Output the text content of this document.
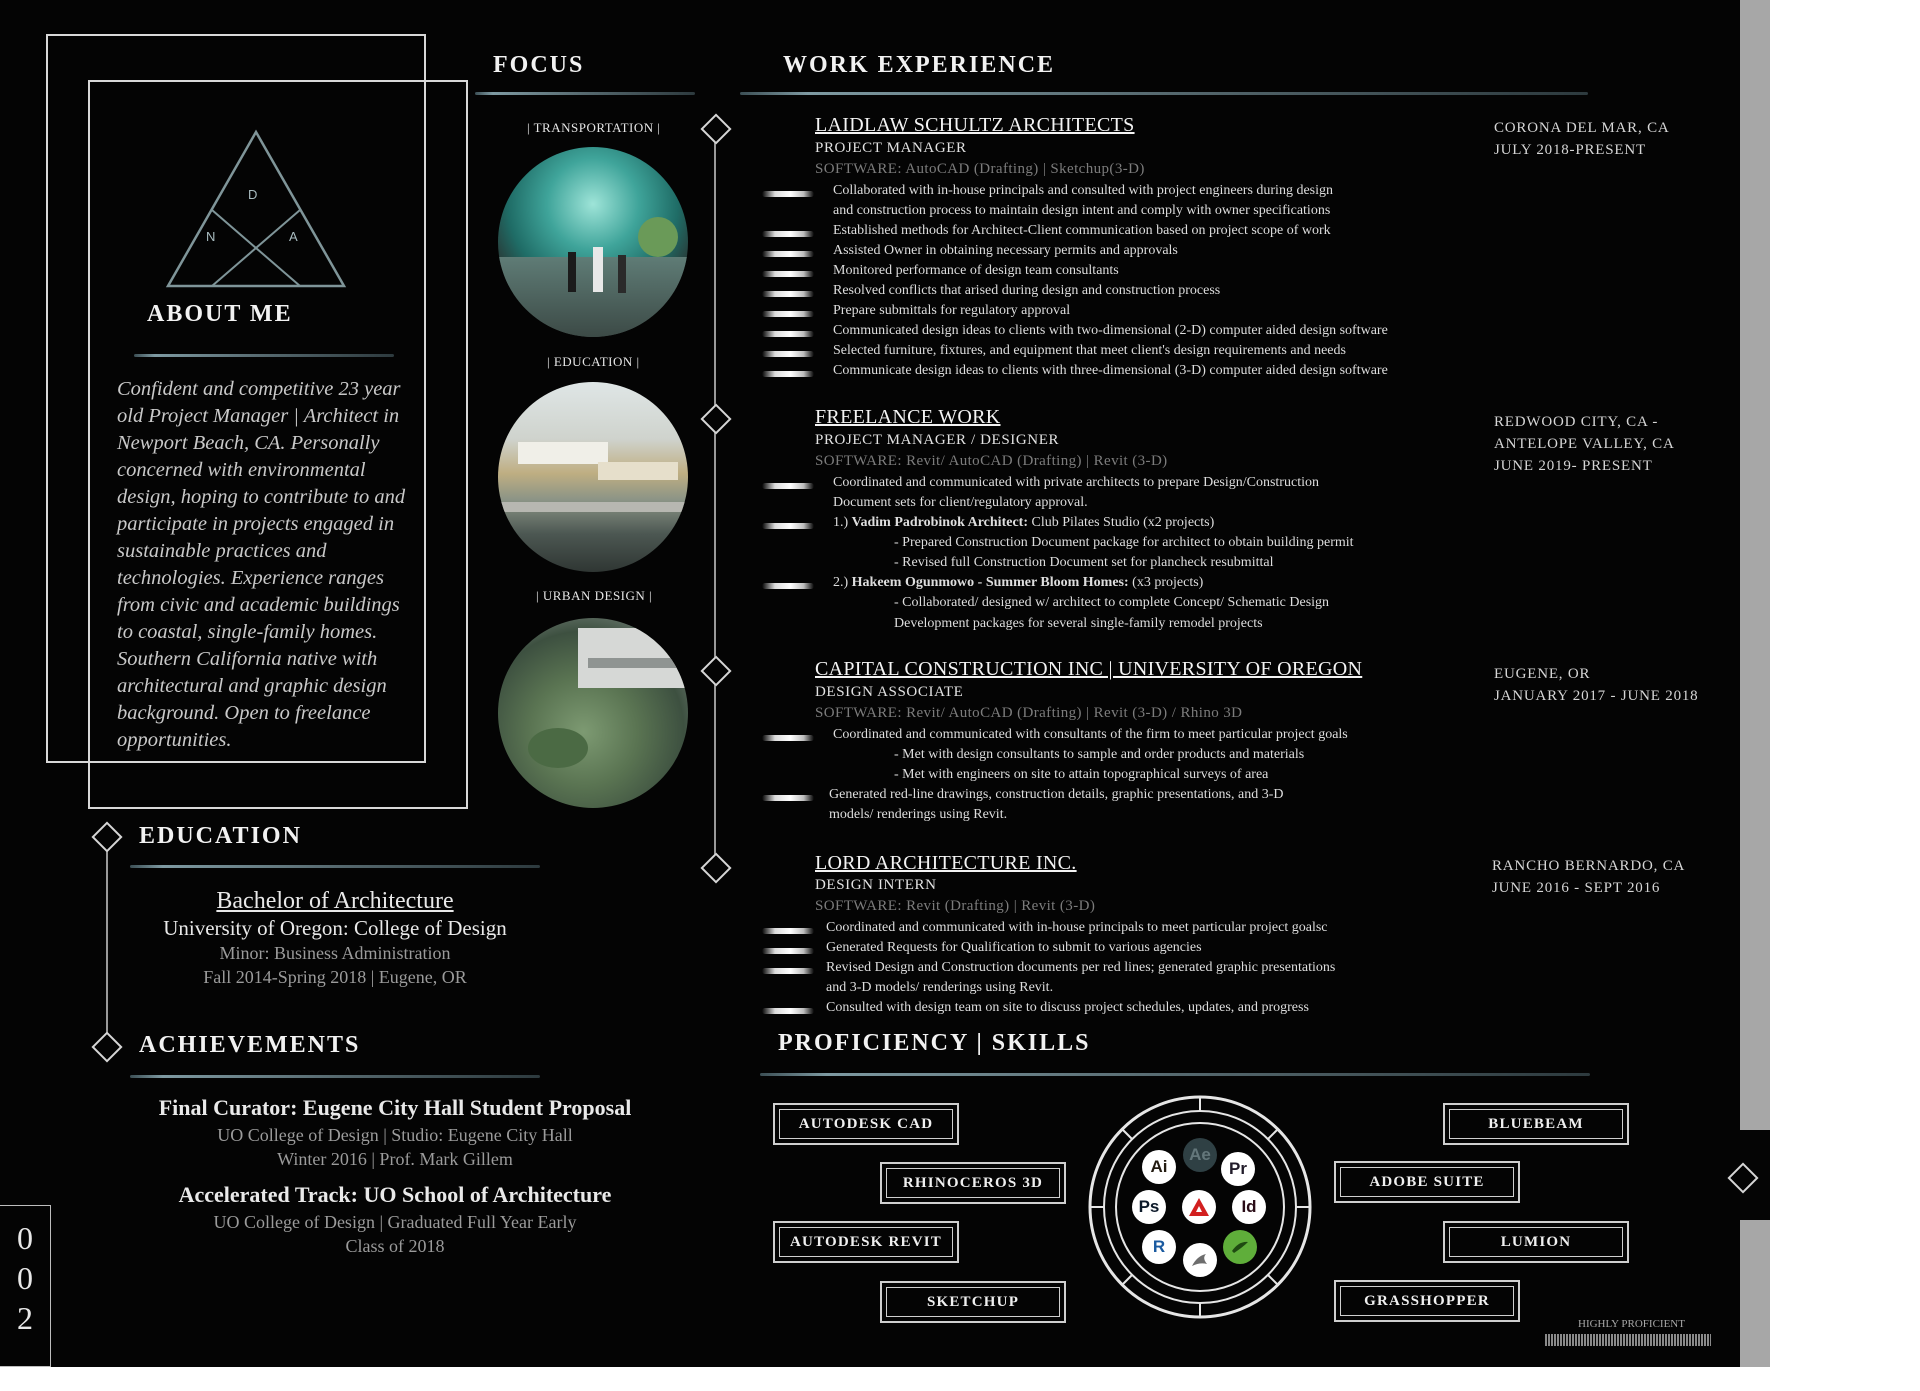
D
N	A
ABOUT ME
Confident and competitive 23 year old Project Manager | Architect in Newport Beach, CA. Personally concerned with environmental design, hoping to contribute to and participate in projects engaged in sustainable practices and technologies. Experience ranges from civic and academic buildings to coastal, single-family homes. Southern California native with architectural and graphic design background. Open to freelance opportunities.
EDUCATION
Bachelor of Architecture
University of Oregon: College of Design
Minor: Business Administration
Fall 2014-Spring 2018 | Eugene, OR
ACHIEVEMENTS
Final Curator: Eugene City Hall Student Proposal
UO College of Design | Studio: Eugene City Hall
Winter 2016 | Prof. Mark Gillem
Accelerated Track: UO School of Architecture
UO College of Design | Graduated Full Year Early
Class of 2018
0
0
2
FOCUS
| TRANSPORTATION |
| EDUCATION |
| URBAN DESIGN |
WORK EXPERIENCE
LAIDLAW SCHULTZ ARCHITECTS
PROJECT MANAGER
SOFTWARE: AutoCAD (Drafting) | Sketchup(3-D)
CORONA DEL MAR, CA
JULY 2018-PRESENT
Collaborated with in-house principals and consulted with project engineers during design
and construction process to maintain design intent and comply with owner specifications
Established methods for Architect-Client communication based on project scope of work
Assisted Owner in obtaining necessary permits and approvals
Monitored performance of design team consultants
Resolved conflicts that arised during design and construction process
Prepare submittals for regulatory approval
Communicated design ideas to clients with two-dimensional (2-D) computer aided design software
Selected furniture, fixtures, and equipment that meet client's design requirements and needs
Communicate design ideas to clients with three-dimensional (3-D) computer aided design software
FREELANCE WORK
PROJECT MANAGER / DESIGNER
SOFTWARE: Revit/ AutoCAD (Drafting) | Revit (3-D)
REDWOOD CITY, CA -
ANTELOPE VALLEY, CA
JUNE 2019- PRESENT
Coordinated and communicated with private architects to prepare Design/Construction
Document sets for client/regulatory approval.
1.) Vadim Padrobinok Architect: Club Pilates Studio (x2 projects)
- Prepared Construction Document package for architect to obtain building permit
- Revised full Construction Document set for plancheck resubmittal
2.) Hakeem Ogunmowo - Summer Bloom Homes: (x3 projects)
- Collaborated/ designed w/ architect to complete Concept/ Schematic Design
Development packages for several single-family remodel projects
CAPITAL CONSTRUCTION INC | UNIVERSITY OF OREGON
DESIGN ASSOCIATE
SOFTWARE: Revit/ AutoCAD (Drafting) | Revit (3-D) / Rhino 3D
EUGENE, OR
JANUARY 2017 - JUNE 2018
Coordinated and communicated with consultants of the firm to meet particular project goals
- Met with design consultants to sample and order products and materials
- Met with engineers on site to attain topographical surveys of area
Generated red-line drawings, construction details, graphic presentations, and 3-D
models/ renderings using Revit.
LORD ARCHITECTURE INC.
DESIGN INTERN
SOFTWARE: Revit (Drafting) | Revit (3-D)
RANCHO BERNARDO, CA
JUNE 2016 - SEPT 2016
Coordinated and communicated with in-house principals to meet particular project goalsc
Generated Requests for Qualification to submit to various agencies
Revised Design and Construction documents per red lines; generated graphic presentations
and 3-D models/ renderings using Revit.
Consulted with design team on site to discuss project schedules, updates, and progress
PROFICIENCY | SKILLS
AUTODESK CAD
RHINOCEROS 3D
AUTODESK REVIT
SKETCHUP
BLUEBEAM
ADOBE SUITE
LUMION
GRASSHOPPER
Ai
Ae
Pr
Ps	Id
R
HIGHLY PROFICIENT
